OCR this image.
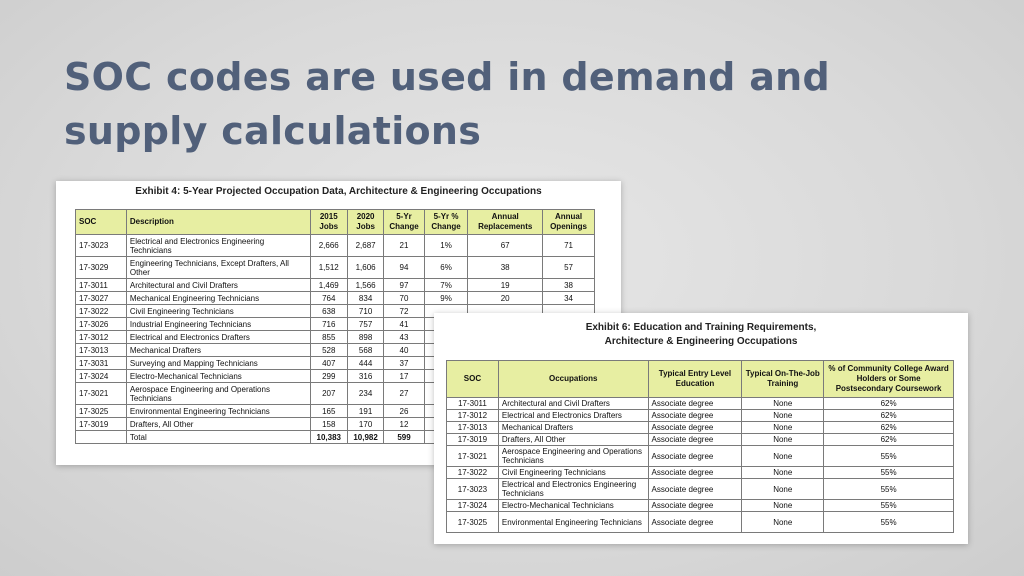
SOC codes are used in demand and supply calculations
Exhibit 4: 5-Year Projected Occupation Data, Architecture & Engineering Occupations
SOC	Description	2015 Jobs	2020 Jobs	5-Yr Change	5-Yr % Change	Annual Replacements	Annual Openings
17-3023	Electrical and Electronics Engineering Technicians	2,666	2,687	21	1%	67	71
17-3029	Engineering Technicians, Except Drafters, All Other	1,512	1,606	94	6%	38	57
17-3011	Architectural and Civil Drafters	1,469	1,566	97	7%	19	38
17-3027	Mechanical Engineering Technicians	764	834	70	9%	20	34
17-3022	Civil Engineering Technicians	638	710	72			
17-3026	Industrial Engineering Technicians	716	757	41			
17-3012	Electrical and Electronics Drafters	855	898	43			
17-3013	Mechanical Drafters	528	568	40			
17-3031	Surveying and Mapping Technicians	407	444	37			
17-3024	Electro-Mechanical Technicians	299	316	17			
17-3021	Aerospace Engineering and Operations Technicians	207	234	27			
17-3025	Environmental Engineering Technicians	165	191	26			
17-3019	Drafters, All Other	158	170	12			
	Total	10,383	10,982	599			
Exhibit 6: Education and Training Requirements,
Architecture & Engineering Occupations
SOC	Occupations	Typical Entry Level Education	Typical On-The-Job Training	% of Community College Award Holders or Some Postsecondary Coursework
17-3011	Architectural and Civil Drafters	Associate degree	None	62%
17-3012	Electrical and Electronics Drafters	Associate degree	None	62%
17-3013	Mechanical Drafters	Associate degree	None	62%
17-3019	Drafters, All Other	Associate degree	None	62%
17-3021	Aerospace Engineering and Operations Technicians	Associate degree	None	55%
17-3022	Civil Engineering Technicians	Associate degree	None	55%
17-3023	Electrical and Electronics Engineering Technicians	Associate degree	None	55%
17-3024	Electro-Mechanical Technicians	Associate degree	None	55%
17-3025	Environmental Engineering Technicians	Associate degree	None	55%
